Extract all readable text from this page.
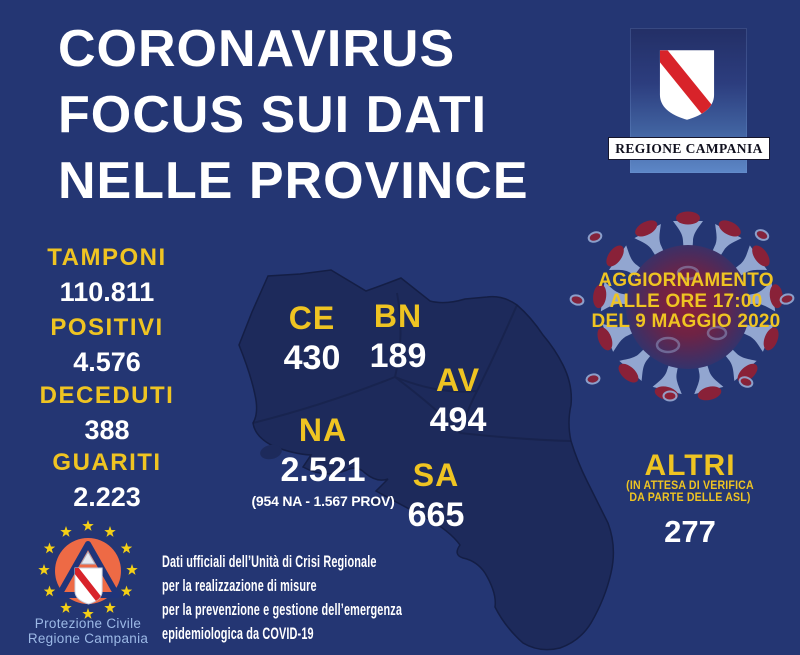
CORONAVIRUS
FOCUS SUI DATI
NELLE PROVINCE
TAMPONI
110.811
POSITIVI
4.576
DECEDUTI
388
GUARITI
2.223
CE
430
BN
189
AV
494
NA
2.521
(954 NA - 1.567 PROV)
SA
665
AGGIORNAMENTO
ALLE ORE 17:00
DEL 9 MAGGIO 2020
ALTRI
(IN ATTESA DI VERIFICA
DA PARTE DELLE ASL)
277
REGIONE CAMPANIA
Protezione Civile
Regione Campania
Dati ufficiali dell’Unità di Crisi Regionale
per la realizzazione di misure
per la prevenzione e gestione dell’emergenza
epidemiologica da COVID-19
